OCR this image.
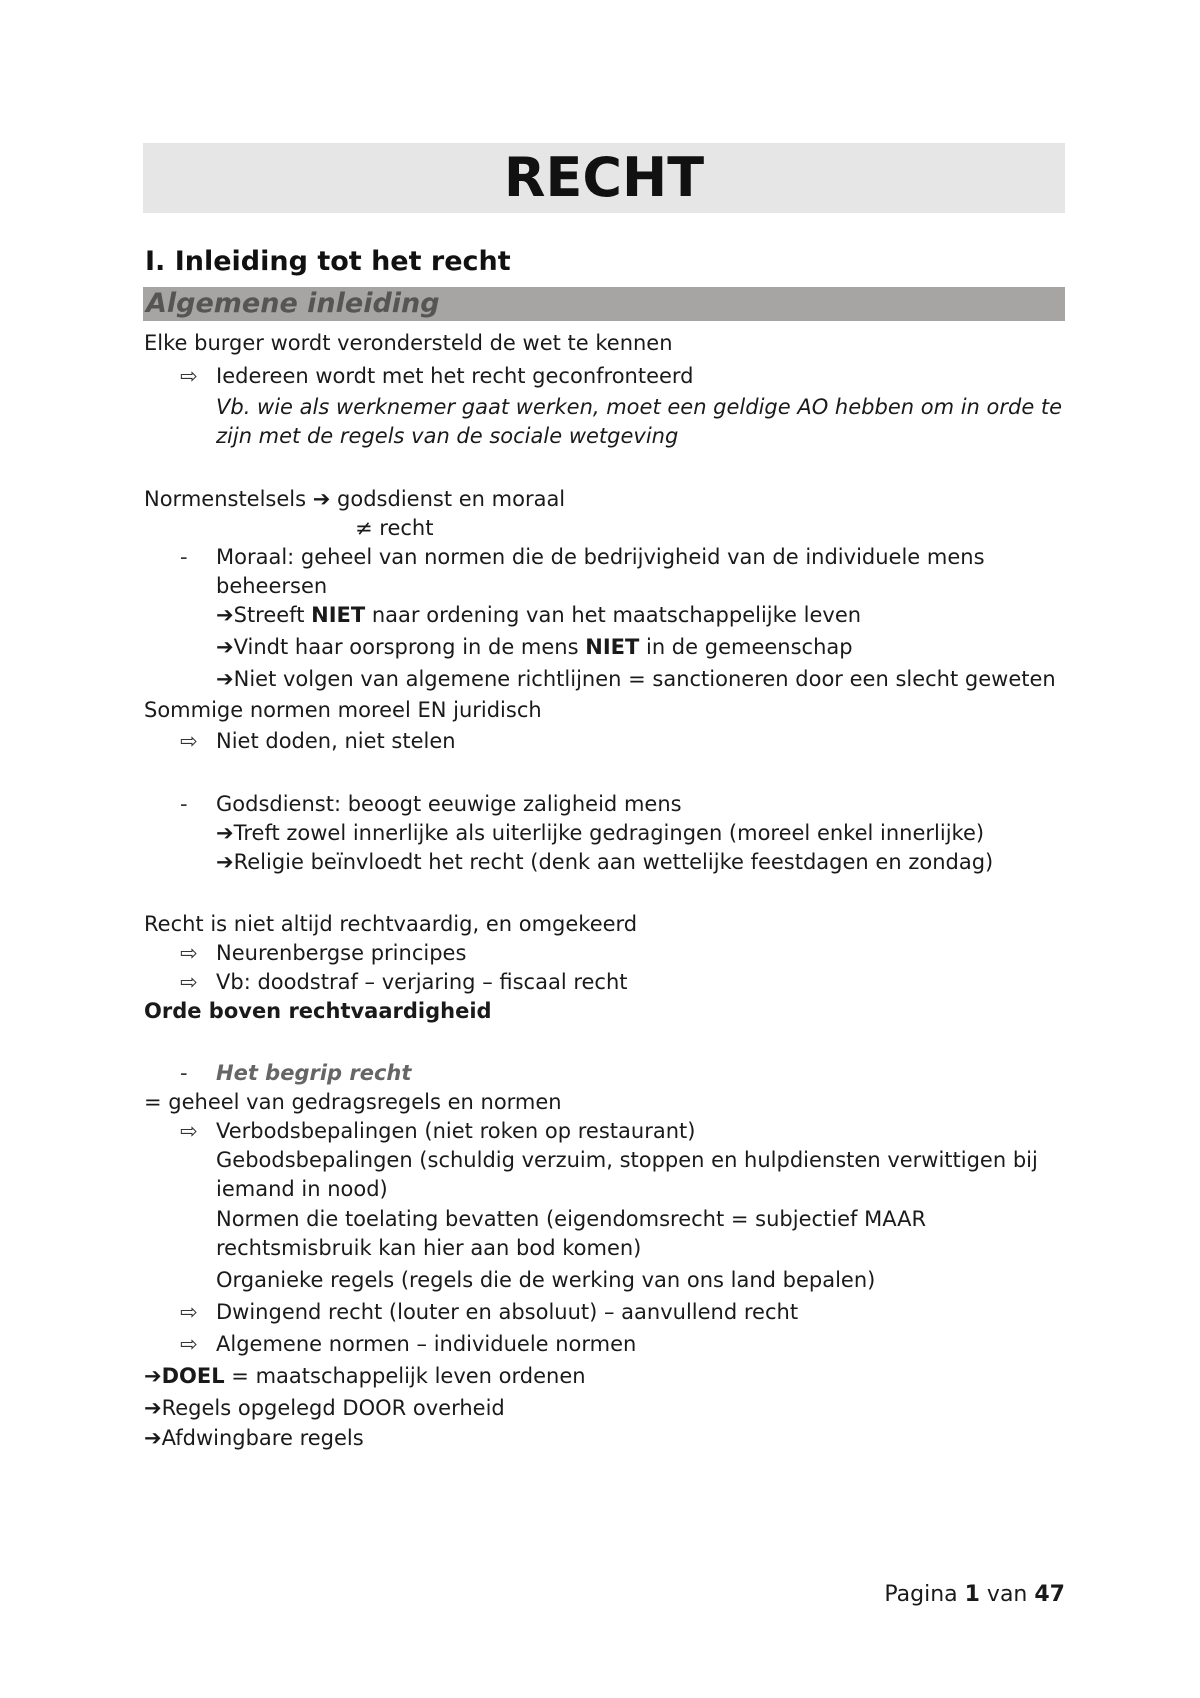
RECHT
I. Inleiding tot het recht
Algemene inleiding
Elke burger wordt verondersteld de wet te kennen
⇨ Iedereen wordt met het recht geconfronteerd
Vb. wie als werknemer gaat werken, moet een geldige AO hebben om in orde te zijn met de regels van de sociale wetgeving
Normenstelsels ➔ godsdienst en moraal
≠ recht
- Moraal: geheel van normen die de bedrijvigheid van de individuele mens beheersen
➔Streeft NIET naar ordening van het maatschappelijke leven
➔Vindt haar oorsprong in de mens NIET in de gemeenschap
➔Niet volgen van algemene richtlijnen = sanctioneren door een slecht geweten
Sommige normen moreel EN juridisch
⇨ Niet doden, niet stelen
- Godsdienst: beoogt eeuwige zaligheid mens
➔Treft zowel innerlijke als uiterlijke gedragingen (moreel enkel innerlijke)
➔Religie beïnvloedt het recht (denk aan wettelijke feestdagen en zondag)
Recht is niet altijd rechtvaardig, en omgekeerd
⇨ Neurenbergse principes
⇨ Vb: doodstraf – verjaring – fiscaal recht
Orde boven rechtvaardigheid
- Het begrip recht
= geheel van gedragsregels en normen
⇨ Verbodsbepalingen (niet roken op restaurant)
Gebodsbepalingen (schuldig verzuim, stoppen en hulpdiensten verwittigen bij iemand in nood)
Normen die toelating bevatten (eigendomsrecht = subjectief MAAR rechtsmisbruik kan hier aan bod komen)
Organieke regels (regels die de werking van ons land bepalen)
⇨ Dwingend recht (louter en absoluut) – aanvullend recht
⇨ Algemene normen – individuele normen
➔DOEL = maatschappelijk leven ordenen
➔Regels opgelegd DOOR overheid
➔Afdwingbare regels
Pagina 1 van 47
